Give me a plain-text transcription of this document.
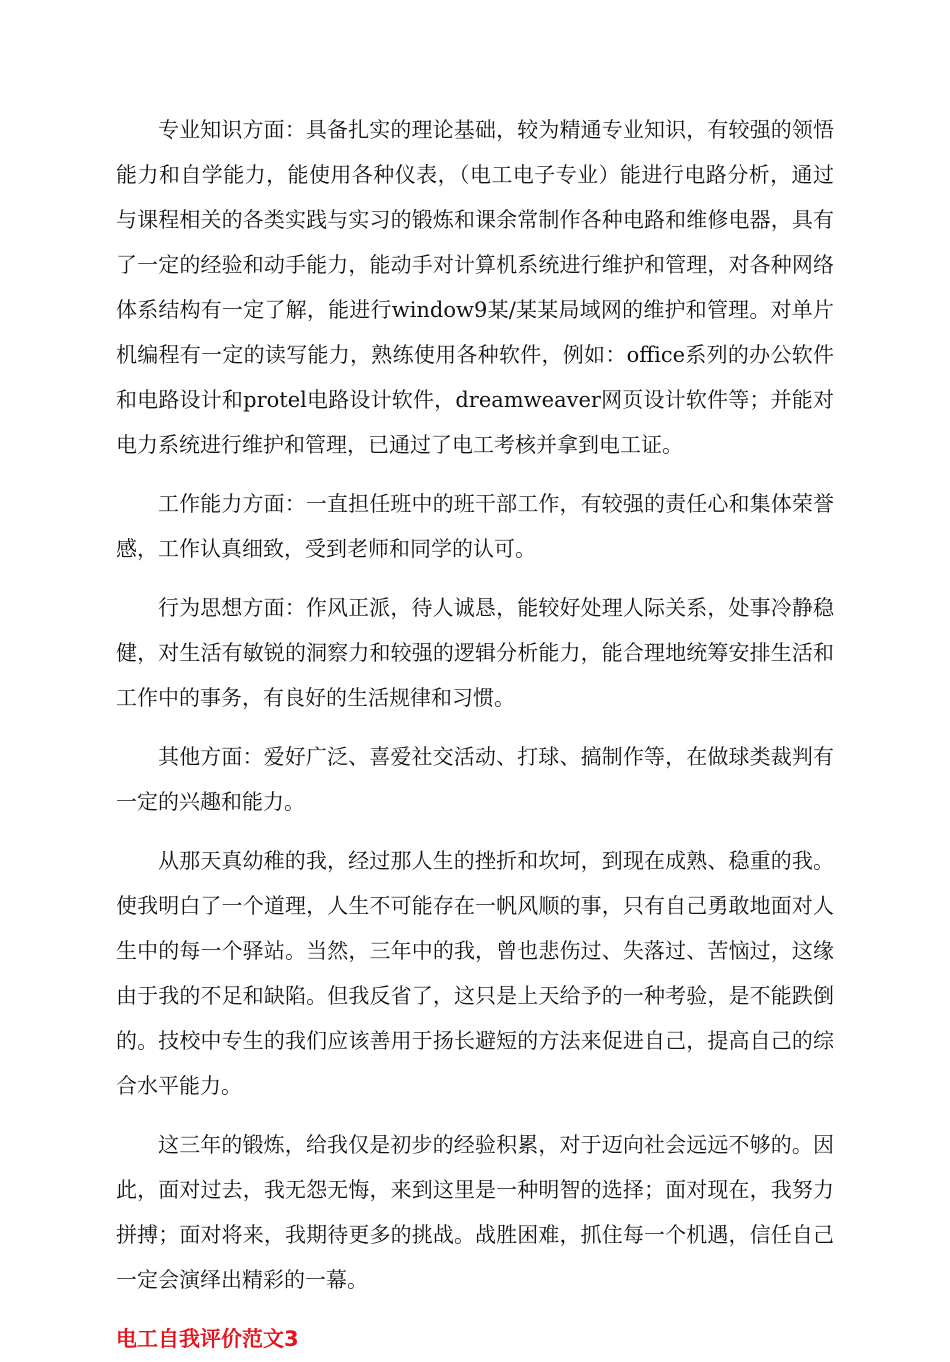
专业知识方面：具备扎实的理论基础，较为精通专业知识，有较强的领悟能力和自学能力，能使用各种仪表，（电工电子专业）能进行电路分析，通过与课程相关的各类实践与实习的锻炼和课余常制作各种电路和维修电器，具有了一定的经验和动手能力，能动手对计算机系统进行维护和管理，对各种网络体系结构有一定了解，能进行window9某/某某局域网的维护和管理。对单片机编程有一定的读写能力，熟练使用各种软件，例如：office系列的办公软件和电路设计和protel电路设计软件，dreamweaver网页设计软件等；并能对电力系统进行维护和管理，已通过了电工考核并拿到电工证。

工作能力方面：一直担任班中的班干部工作，有较强的责任心和集体荣誉感，工作认真细致，受到老师和同学的认可。

行为思想方面：作风正派，待人诚恳，能较好处理人际关系，处事冷静稳健，对生活有敏锐的洞察力和较强的逻辑分析能力，能合理地统筹安排生活和工作中的事务，有良好的生活规律和习惯。

其他方面：爱好广泛、喜爱社交活动、打球、搞制作等，在做球类裁判有一定的兴趣和能力。

从那天真幼稚的我，经过那人生的挫折和坎坷，到现在成熟、稳重的我。使我明白了一个道理，人生不可能存在一帆风顺的事，只有自己勇敢地面对人生中的每一个驿站。当然，三年中的我，曾也悲伤过、失落过、苦恼过，这缘由于我的不足和缺陷。但我反省了，这只是上天给予的一种考验，是不能跌倒的。技校中专生的我们应该善用于扬长避短的方法来促进自己，提高自己的综合水平能力。

这三年的锻炼，给我仅是初步的经验积累，对于迈向社会远远不够的。因此，面对过去，我无怨无悔，来到这里是一种明智的选择；面对现在，我努力拼搏；面对将来，我期待更多的挑战。战胜困难，抓住每一个机遇，信任自己一定会演绎出精彩的一幕。

电工自我评价范文3
